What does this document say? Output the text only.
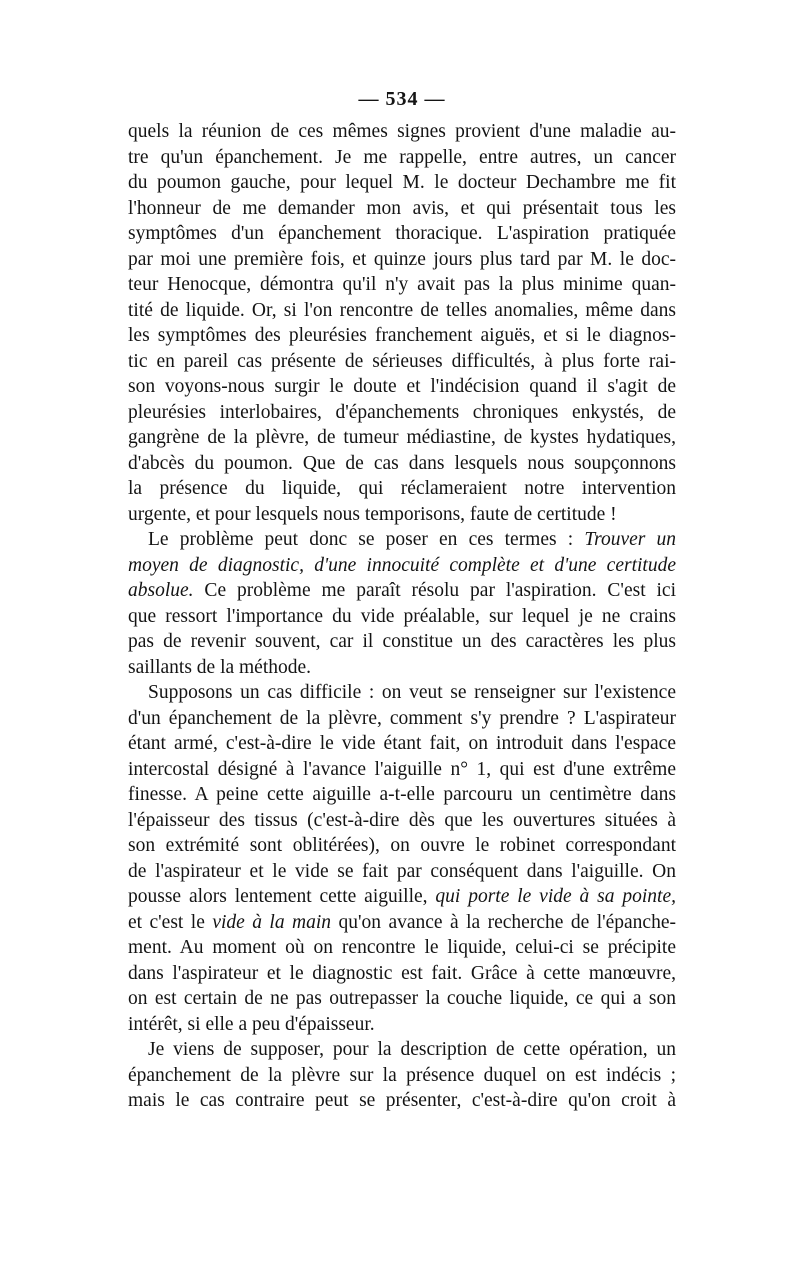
— 534 —
quels la réunion de ces mêmes signes provient d'une maladie au-
tre qu'un épanchement. Je me rappelle, entre autres, un cancer
du poumon gauche, pour lequel M. le docteur Dechambre me fit
l'honneur de me demander mon avis, et qui présentait tous les
symptômes d'un épanchement thoracique. L'aspiration pratiquée
par moi une première fois, et quinze jours plus tard par M. le doc-
teur Henocque, démontra qu'il n'y avait pas la plus minime quan-
tité de liquide. Or, si l'on rencontre de telles anomalies, même dans
les symptômes des pleurésies franchement aiguës, et si le diagnos-
tic en pareil cas présente de sérieuses difficultés, à plus forte rai-
son voyons-nous surgir le doute et l'indécision quand il s'agit de
pleurésies interlobaires, d'épanchements chroniques enkystés, de
gangrène de la plèvre, de tumeur médiastine, de kystes hydatiques,
d'abcès du poumon. Que de cas dans lesquels nous soupçonnons
la présence du liquide, qui réclameraient notre intervention
urgente, et pour lesquels nous temporisons, faute de certitude !
Le problème peut donc se poser en ces termes : Trouver un
moyen de diagnostic, d'une innocuité complète et d'une certitude
absolue. Ce problème me paraît résolu par l'aspiration. C'est ici
que ressort l'importance du vide préalable, sur lequel je ne crains
pas de revenir souvent, car il constitue un des caractères les plus
saillants de la méthode.
Supposons un cas difficile : on veut se renseigner sur l'existence
d'un épanchement de la plèvre, comment s'y prendre ? L'aspirateur
étant armé, c'est-à-dire le vide étant fait, on introduit dans l'espace
intercostal désigné à l'avance l'aiguille n° 1, qui est d'une extrême
finesse. A peine cette aiguille a-t-elle parcouru un centimètre dans
l'épaisseur des tissus (c'est-à-dire dès que les ouvertures situées à
son extrémité sont oblitérées), on ouvre le robinet correspondant
de l'aspirateur et le vide se fait par conséquent dans l'aiguille. On
pousse alors lentement cette aiguille, qui porte le vide à sa pointe,
et c'est le vide à la main qu'on avance à la recherche de l'épanche-
ment. Au moment où on rencontre le liquide, celui-ci se précipite
dans l'aspirateur et le diagnostic est fait. Grâce à cette manœuvre,
on est certain de ne pas outrepasser la couche liquide, ce qui a son
intérêt, si elle a peu d'épaisseur.
Je viens de supposer, pour la description de cette opération, un
épanchement de la plèvre sur la présence duquel on est indécis ;
mais le cas contraire peut se présenter, c'est-à-dire qu'on croit à
